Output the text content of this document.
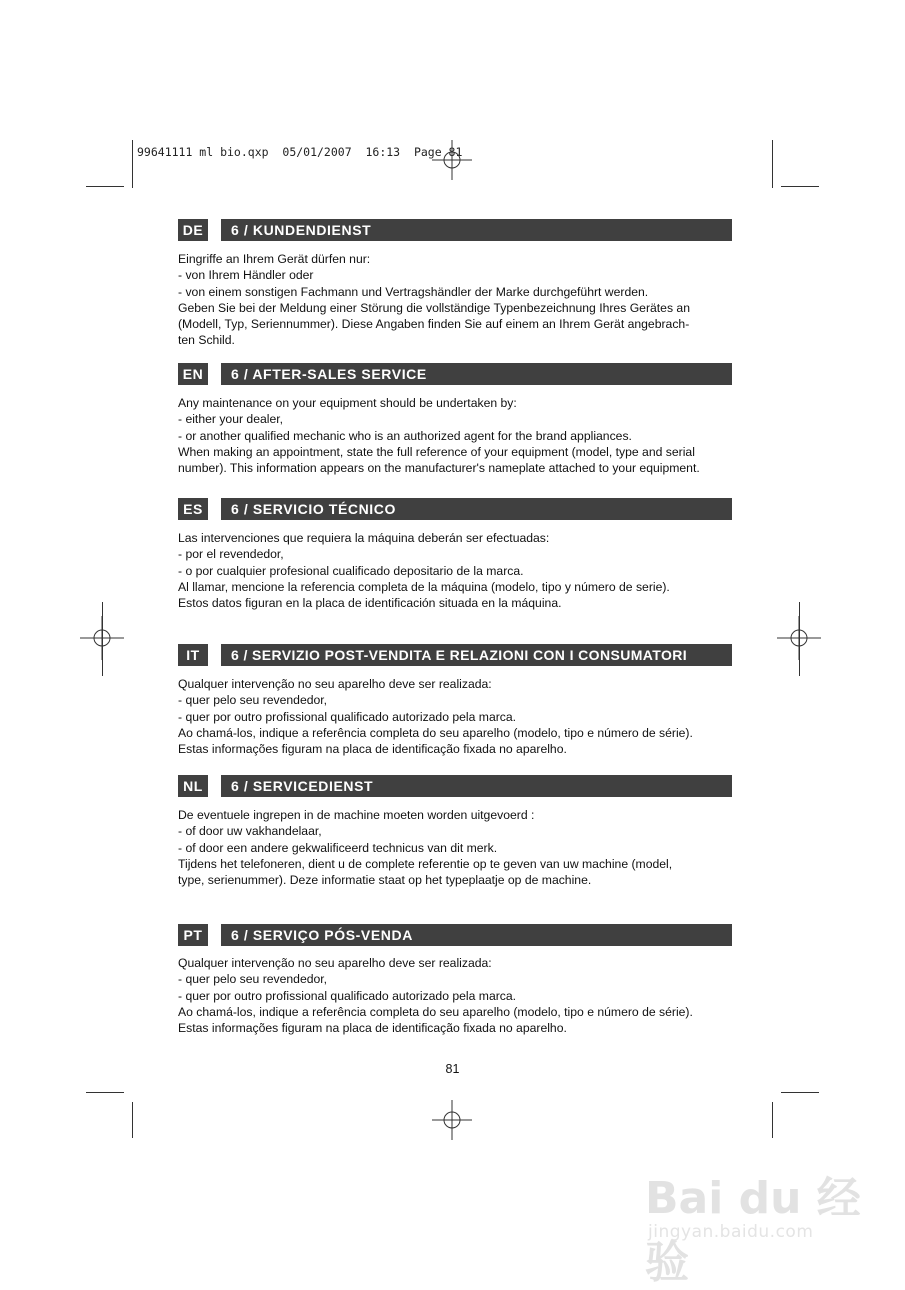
99641111 ml bio.qxp  05/01/2007  16:13  Page 81
DE	6 / KUNDENDIENST
Eingriffe an Ihrem Gerät dürfen nur:
- von Ihrem Händler oder
- von einem sonstigen Fachmann und Vertragshändler der Marke durchgeführt werden.
Geben Sie bei der Meldung einer Störung die vollständige Typenbezeichnung Ihres Gerätes an
(Modell, Typ, Seriennummer). Diese Angaben finden Sie auf einem an Ihrem Gerät angebrach-
ten Schild.
EN	6 / AFTER-SALES SERVICE
Any maintenance on your equipment should be undertaken by:
- either your dealer,
- or another qualified mechanic who is an authorized agent for the brand appliances.
When making an appointment, state the full reference of your equipment (model, type and serial
number). This information appears on the manufacturer's nameplate attached to your equipment.
ES	6 / SERVICIO TÉCNICO
Las intervenciones que requiera la máquina deberán ser efectuadas:
- por el revendedor,
- o por cualquier profesional cualificado depositario de la marca.
Al llamar, mencione la referencia completa de la máquina (modelo, tipo y número de serie).
Estos datos figuran en la placa de identificación situada en la máquina.
IT	6 / SERVIZIO POST-VENDITA E RELAZIONI CON I CONSUMATORI
Qualquer intervenção no seu aparelho deve ser realizada:
- quer pelo seu revendedor,
- quer por outro profissional qualificado autorizado pela marca.
Ao chamá-los, indique a referência completa do seu aparelho (modelo, tipo e número de série).
Estas informações figuram na placa de identificação fixada no aparelho.
NL	6 / SERVICEDIENST
De eventuele ingrepen in de machine moeten worden uitgevoerd :
- of door uw vakhandelaar,
- of door een andere gekwalificeerd technicus van dit merk.
Tijdens het telefoneren, dient u de complete referentie op te geven van uw machine (model,
type, serienummer). Deze informatie staat op het typeplaatje op de machine.
PT	6 / SERVIÇO PÓS-VENDA
Qualquer intervenção no seu aparelho deve ser realizada:
- quer pelo seu revendedor,
- quer por outro profissional qualificado autorizado pela marca.
Ao chamá-los, indique a referência completa do seu aparelho (modelo, tipo e número de série).
Estas informações figuram na placa de identificação fixada no aparelho.
81
Bai du 经验
jingyan.baidu.com
